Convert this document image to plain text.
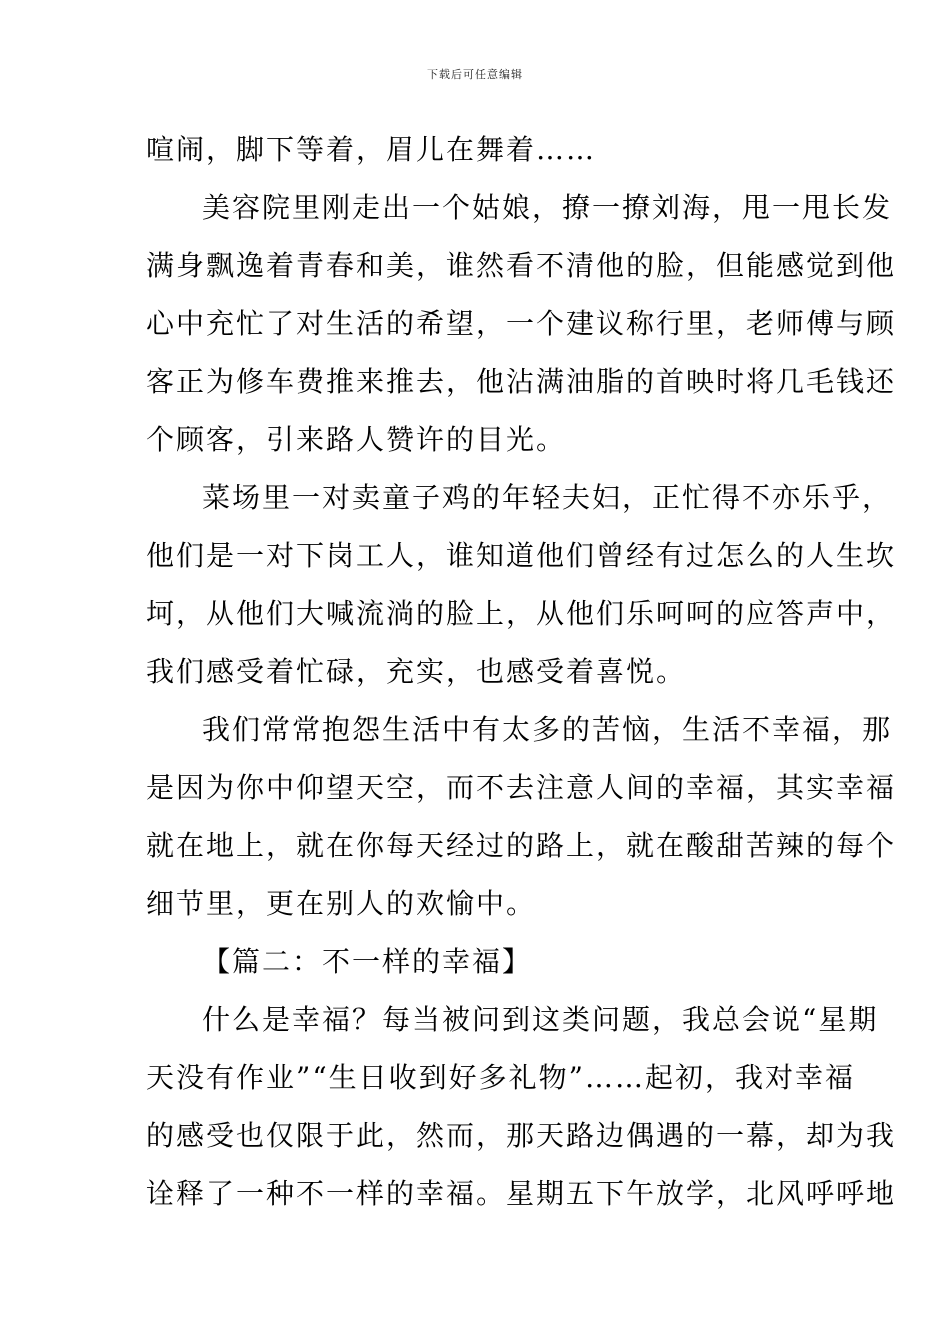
下载后可任意编辑

喧闹，脚下等着，眉儿在舞着……

美容院里刚走出一个姑娘，撩一撩刘海，甩一甩长发
满身飘逸着青春和美，谁然看不清他的脸，但能感觉到他
心中充忙了对生活的希望，一个建议称行里，老师傅与顾
客正为修车费推来推去，他沾满油脂的首映时将几毛钱还
个顾客，引来路人赞许的目光。

菜场里一对卖童子鸡的年轻夫妇，正忙得不亦乐乎，
他们是一对下岗工人，谁知道他们曾经有过怎么的人生坎
坷，从他们大喊流淌的脸上，从他们乐呵呵的应答声中，
我们感受着忙碌，充实，也感受着喜悦。

我们常常抱怨生活中有太多的苦恼，生活不幸福，那
是因为你中仰望天空，而不去注意人间的幸福，其实幸福
就在地上，就在你每天经过的路上，就在酸甜苦辣的每个
细节里，更在别人的欢愉中。

【篇二：不一样的幸福】

什么是幸福？每当被问到这类问题，我总会说“星期
天没有作业”“生日收到好多礼物”……起初，我对幸福
的感受也仅限于此，然而，那天路边偶遇的一幕，却为我
诠释了一种不一样的幸福。星期五下午放学，北风呼呼地
